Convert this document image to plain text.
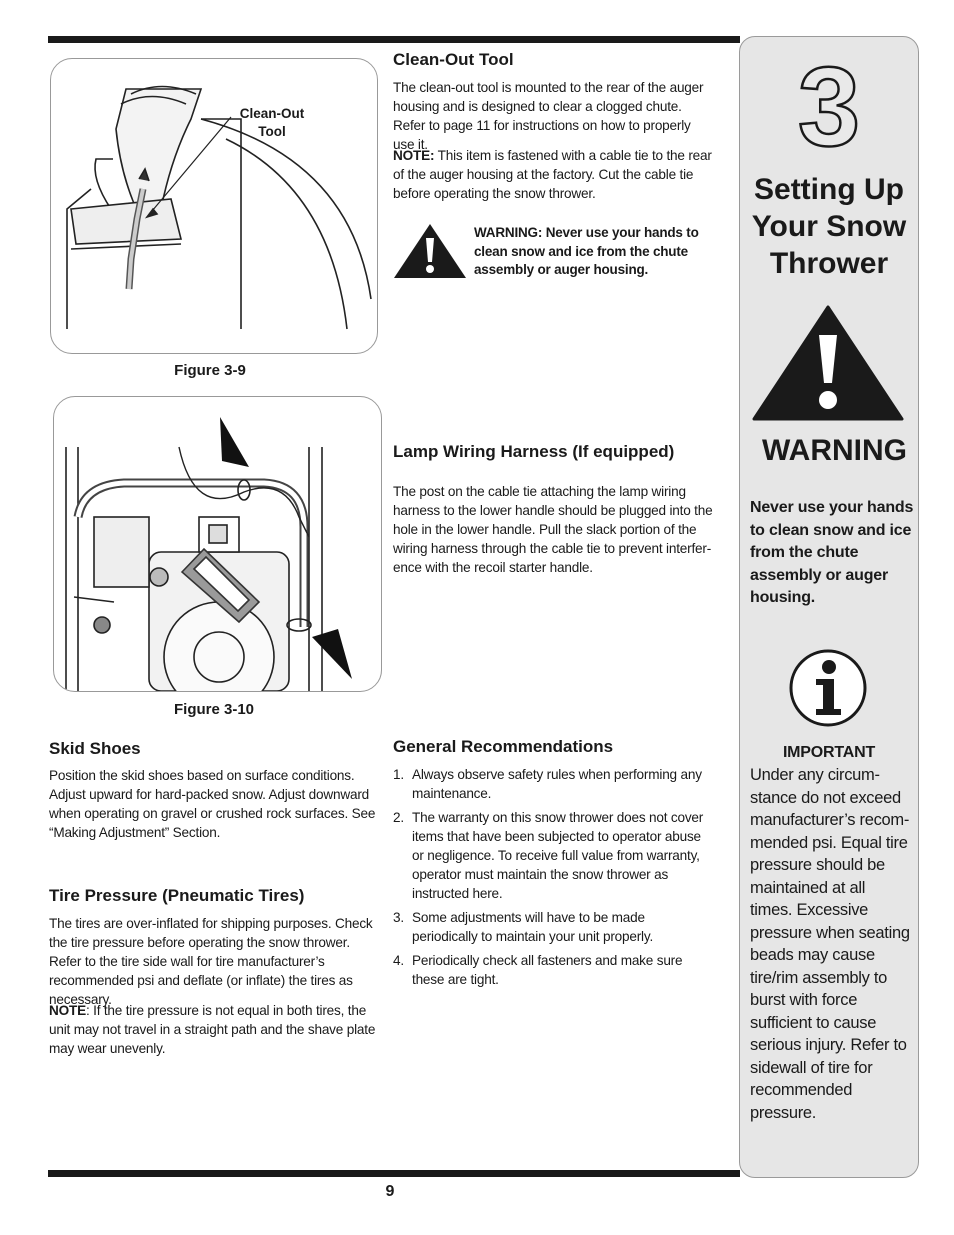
Clean-Out Tool
Figure 3-9
Figure 3-10
Clean-Out Tool

The clean-out tool is mounted to the rear of the auger housing and is designed to clear a clogged chute. Refer to page 11 for instructions on how to properly use it.

NOTE: This item is fastened with a cable tie to the rear of the auger housing at the factory. Cut the cable tie before operating the snow thrower.

WARNING: Never use your hands to clean snow and ice from the chute assembly or auger housing.

Lamp Wiring Harness (If equipped)

The post on the cable tie attaching the lamp wiring harness to the lower handle should be plugged into the hole in the lower handle. Pull the slack portion of the wiring harness through the cable tie to prevent interfer-ence with the recoil starter handle.

Skid Shoes

Position the skid shoes based on surface conditions. Adjust upward for hard-packed snow. Adjust downward when operating on gravel or crushed rock surfaces. See “Making Adjustment” Section.

Tire Pressure (Pneumatic Tires)

The tires are over-inflated for shipping purposes. Check the tire pressure before operating the snow thrower. Refer to the tire side wall for tire manufacturer’s recommended psi and deflate (or inflate) the tires as necessary.

NOTE: If the tire pressure is not equal in both tires, the unit may not travel in a straight path and the shave plate may wear unevenly.

General Recommendations
1. Always observe safety rules when performing any maintenance.
2. The warranty on this snow thrower does not cover items that have been subjected to operator abuse or negligence. To receive full value from warranty, operator must maintain the snow thrower as instructed here.
3. Some adjustments will have to be made periodically to maintain your unit properly.
4. Periodically check all fasteners and make sure these are tight.
3
Setting Up Your Snow Thrower
WARNING

Never use your hands to clean snow and ice from the chute assembly or auger housing.

IMPORTANT

Under any circum-stance do not exceed manufacturer’s recom-mended psi. Equal tire pressure should be maintained at all times. Excessive pressure when seating beads may cause tire/rim assembly to burst with force sufficient to cause serious injury. Refer to sidewall of tire for recommended pressure.

9
